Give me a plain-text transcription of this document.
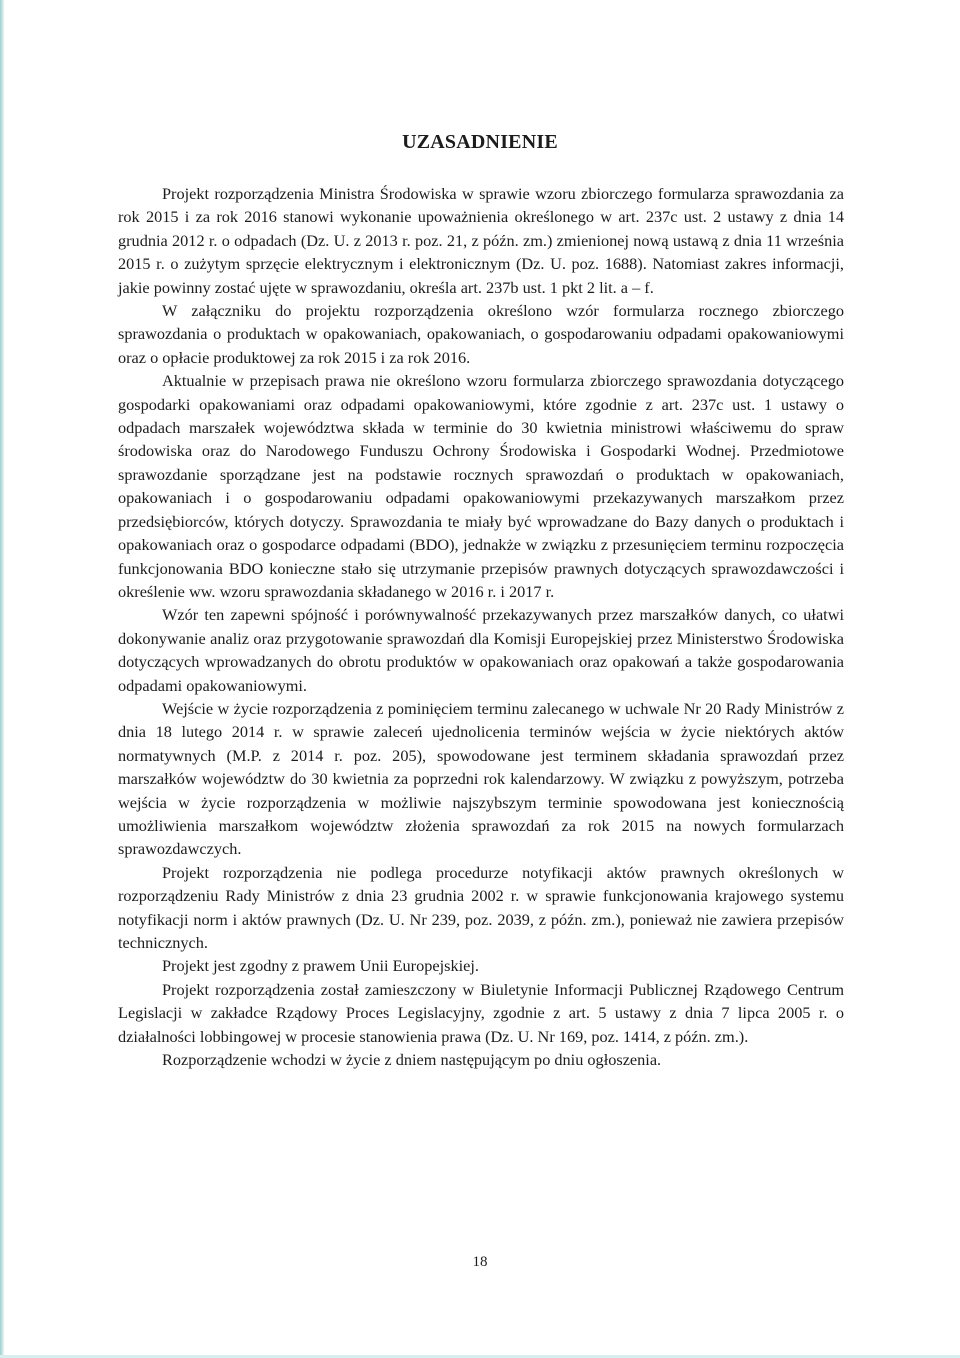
UZASADNIENIE

Projekt rozporządzenia Ministra Środowiska w sprawie wzoru zbiorczego formularza sprawozdania za rok 2015 i za rok 2016 stanowi wykonanie upoważnienia określonego w art. 237c ust. 2 ustawy z dnia 14 grudnia 2012 r. o odpadach (Dz. U. z 2013 r. poz. 21, z późn. zm.) zmienionej nową ustawą z dnia 11 września 2015 r. o zużytym sprzęcie elektrycznym i elektronicznym (Dz. U. poz. 1688). Natomiast zakres informacji, jakie powinny zostać ujęte w sprawozdaniu, określa art. 237b ust. 1 pkt 2 lit. a – f.

W załączniku do projektu rozporządzenia określono wzór formularza rocznego zbiorczego sprawozdania o produktach w opakowaniach, opakowaniach, o gospodarowaniu odpadami opakowaniowymi oraz o opłacie produktowej za rok 2015 i za rok 2016.

Aktualnie w przepisach prawa nie określono wzoru formularza zbiorczego sprawozdania dotyczącego gospodarki opakowaniami oraz odpadami opakowaniowymi, które zgodnie z art. 237c ust. 1 ustawy o odpadach marszałek województwa składa w terminie do 30 kwietnia ministrowi właściwemu do spraw środowiska oraz do Narodowego Funduszu Ochrony Środowiska i Gospodarki Wodnej. Przedmiotowe sprawozdanie sporządzane jest na podstawie rocznych sprawozdań o produktach w opakowaniach, opakowaniach i o gospodarowaniu odpadami opakowaniowymi przekazywanych marszałkom przez przedsiębiorców, których dotyczy. Sprawozdania te miały być wprowadzane do Bazy danych o produktach i opakowaniach oraz o gospodarce odpadami (BDO), jednakże w związku z przesunięciem terminu rozpoczęcia funkcjonowania BDO konieczne stało się utrzymanie przepisów prawnych dotyczących sprawozdawczości i określenie ww. wzoru sprawozdania składanego w 2016 r. i 2017 r.

Wzór ten zapewni spójność i porównywalność przekazywanych przez marszałków danych, co ułatwi dokonywanie analiz oraz przygotowanie sprawozdań dla Komisji Europejskiej przez Ministerstwo Środowiska dotyczących wprowadzanych do obrotu produktów w opakowaniach oraz opakowań a także gospodarowania odpadami opakowaniowymi.

Wejście w życie rozporządzenia z pominięciem terminu zalecanego w uchwale Nr 20 Rady Ministrów z dnia 18 lutego 2014 r. w sprawie zaleceń ujednolicenia terminów wejścia w życie niektórych aktów normatywnych (M.P. z 2014 r. poz. 205), spowodowane jest terminem składania sprawozdań przez marszałków województw do 30 kwietnia za poprzedni rok kalendarzowy. W związku z powyższym, potrzeba wejścia w życie rozporządzenia w możliwie najszybszym terminie spowodowana jest koniecznością umożliwienia marszałkom województw złożenia sprawozdań za rok 2015 na nowych formularzach sprawozdawczych.

Projekt rozporządzenia nie podlega procedurze notyfikacji aktów prawnych określonych w rozporządzeniu Rady Ministrów z dnia 23 grudnia 2002 r. w sprawie funkcjonowania krajowego systemu notyfikacji norm i aktów prawnych (Dz. U. Nr 239, poz. 2039, z późn. zm.), ponieważ nie zawiera przepisów technicznych.

Projekt jest zgodny z prawem Unii Europejskiej.

Projekt rozporządzenia został zamieszczony w Biuletynie Informacji Publicznej Rządowego Centrum Legislacji w zakładce Rządowy Proces Legislacyjny, zgodnie z art. 5 ustawy z dnia 7 lipca 2005 r. o działalności lobbingowej w procesie stanowienia prawa (Dz. U. Nr 169, poz. 1414, z późn. zm.).

Rozporządzenie wchodzi w życie z dniem następującym po dniu ogłoszenia.

18
